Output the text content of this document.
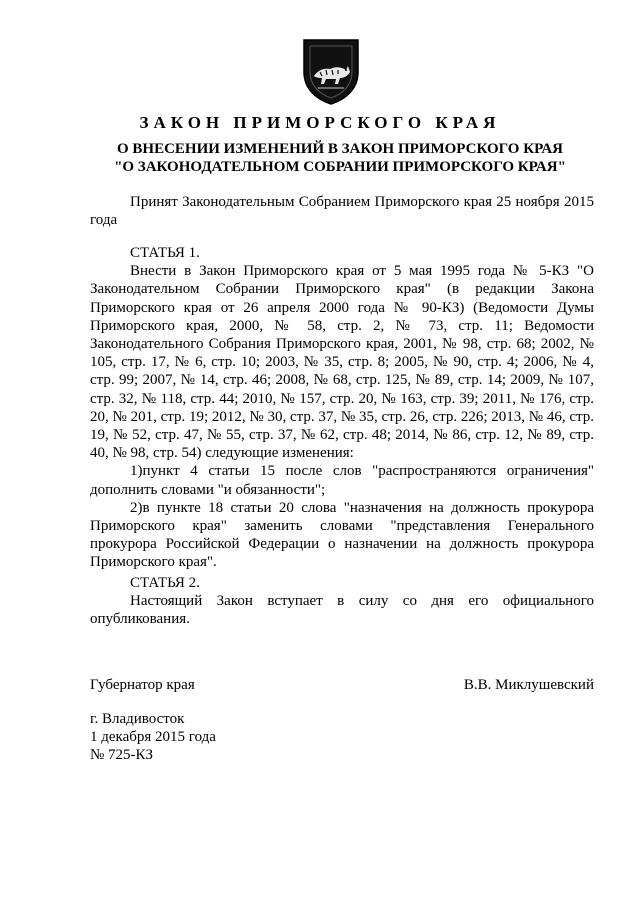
ЗАКОН ПРИМОРСКОГО КРАЯ
О ВНЕСЕНИИ ИЗМЕНЕНИЙ В ЗАКОН ПРИМОРСКОГО КРАЯ
"О ЗАКОНОДАТЕЛЬНОМ СОБРАНИИ ПРИМОРСКОГО КРАЯ"
Принят Законодательным Собранием Приморского края 25 ноября 2015 года

СТАТЬЯ 1.

Внести в Закон Приморского края от 5 мая 1995 года № 5-КЗ "О Законодательном Собрании Приморского края" (в редакции Закона Приморского края от 26 апреля 2000 года № 90-КЗ) (Ведомости Думы Приморского края, 2000, № 58, стр. 2, № 73, стр. 11; Ведомости Законодательного Собрания Приморского края, 2001, № 98, стр. 68; 2002, № 105, стр. 17, № 6, стр. 10; 2003, № 35, стр. 8; 2005, № 90, стр. 4; 2006, № 4, стр. 99; 2007, № 14, стр. 46; 2008, № 68, стр. 125, № 89, стр. 14; 2009, № 107, стр. 32, № 118, стр. 44; 2010, № 157, стр. 20, № 163, стр. 39; 2011, № 176, стр. 20, № 201, стр. 19; 2012, № 30, стр. 37, № 35, стр. 26, стр. 226; 2013, № 46, стр. 19, № 52, стр. 47, № 55, стр. 37, № 62, стр. 48; 2014, № 86, стр. 12, № 89, стр. 40, № 98, стр. 54) следующие изменения:

1)пункт 4 статьи 15 после слов "распространяются ограничения" дополнить словами "и обязанности";

2)в пункте 18 статьи 20 слова "назначения на должность прокурора Приморского края" заменить словами "представления Генерального прокурора Российской Федерации о назначении на должность прокурора Приморского края".

СТАТЬЯ 2.

Настоящий Закон вступает в силу со дня его официального опубликования.

Губернатор края	В.В. Миклушевский
г. Владивосток
1 декабря 2015 года
№ 725-КЗ
